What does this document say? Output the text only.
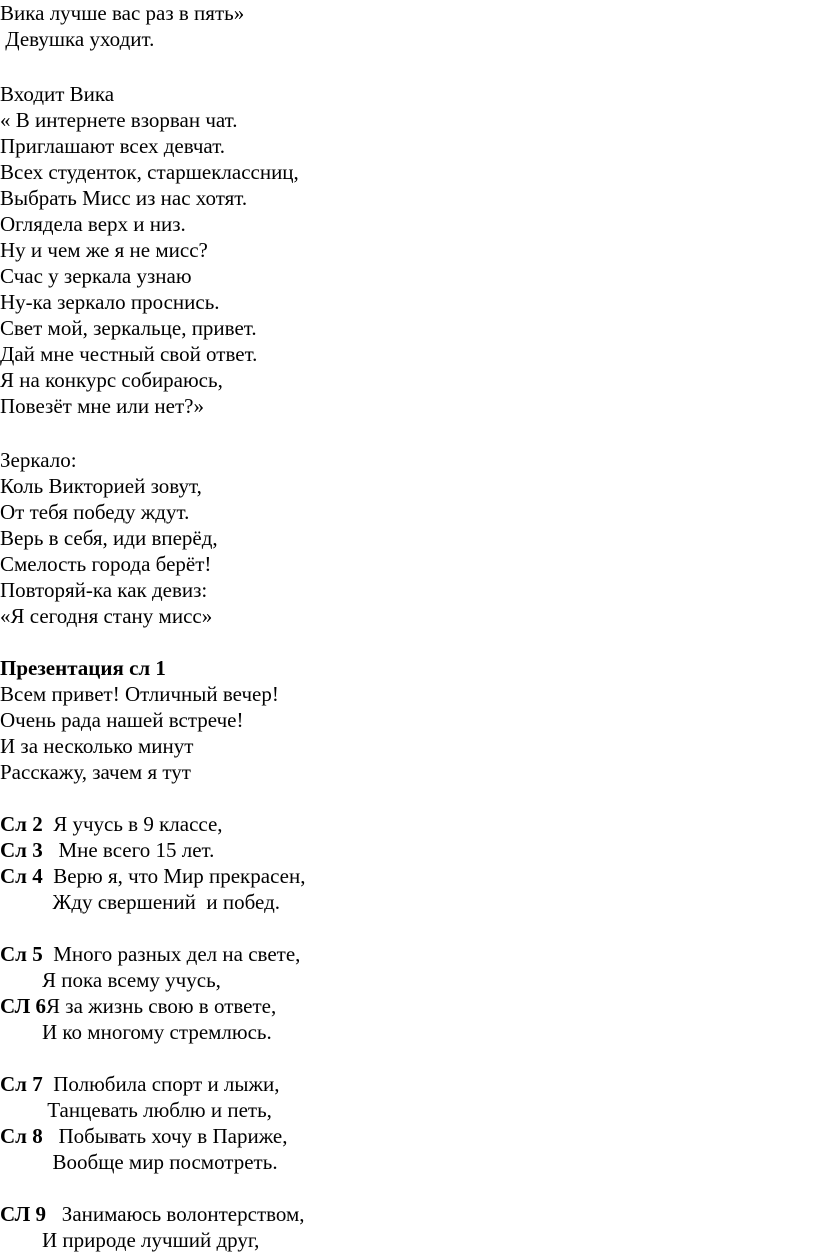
Вика лучше вас раз в пять»
Девушка уходит.
Входит Вика
« В интернете взорван чат.
Приглашают всех девчат.
Всех студенток, старшеклассниц,
Выбрать Мисс из нас хотят.
Оглядела верх и низ.
Ну и чем же я не мисс?
Счас у зеркала узнаю
Ну-ка зеркало проснись.
Свет мой, зеркальце, привет.
Дай мне честный свой ответ.
Я на конкурс собираюсь,
Повезёт мне или нет?»
Зеркало:
Коль Викторией зовут,
От тебя победу ждут.
Верь в себя, иди вперёд,
Смелость города берёт!
Повторяй-ка как девиз:
«Я сегодня стану мисс»
Презентация сл 1
Всем привет! Отличный вечер!
Очень рада нашей встрече!
И за несколько минут
Расскажу, зачем я тут
Сл 2  Я учусь в 9 классе,
Сл 3   Мне всего 15 лет.
Сл 4  Верю я, что Мир прекрасен,
Жду свершений  и побед.
Сл 5  Много разных дел на свете,
Я пока всему учусь,
СЛ 6Я за жизнь свою в ответе,
И ко многому стремлюсь.
Сл 7  Полюбила спорт и лыжи,
Танцевать люблю и петь,
Сл 8   Побывать хочу в Париже,
Вообще мир посмотреть.
СЛ 9   Занимаюсь волонтерством,
И природе лучший друг,
